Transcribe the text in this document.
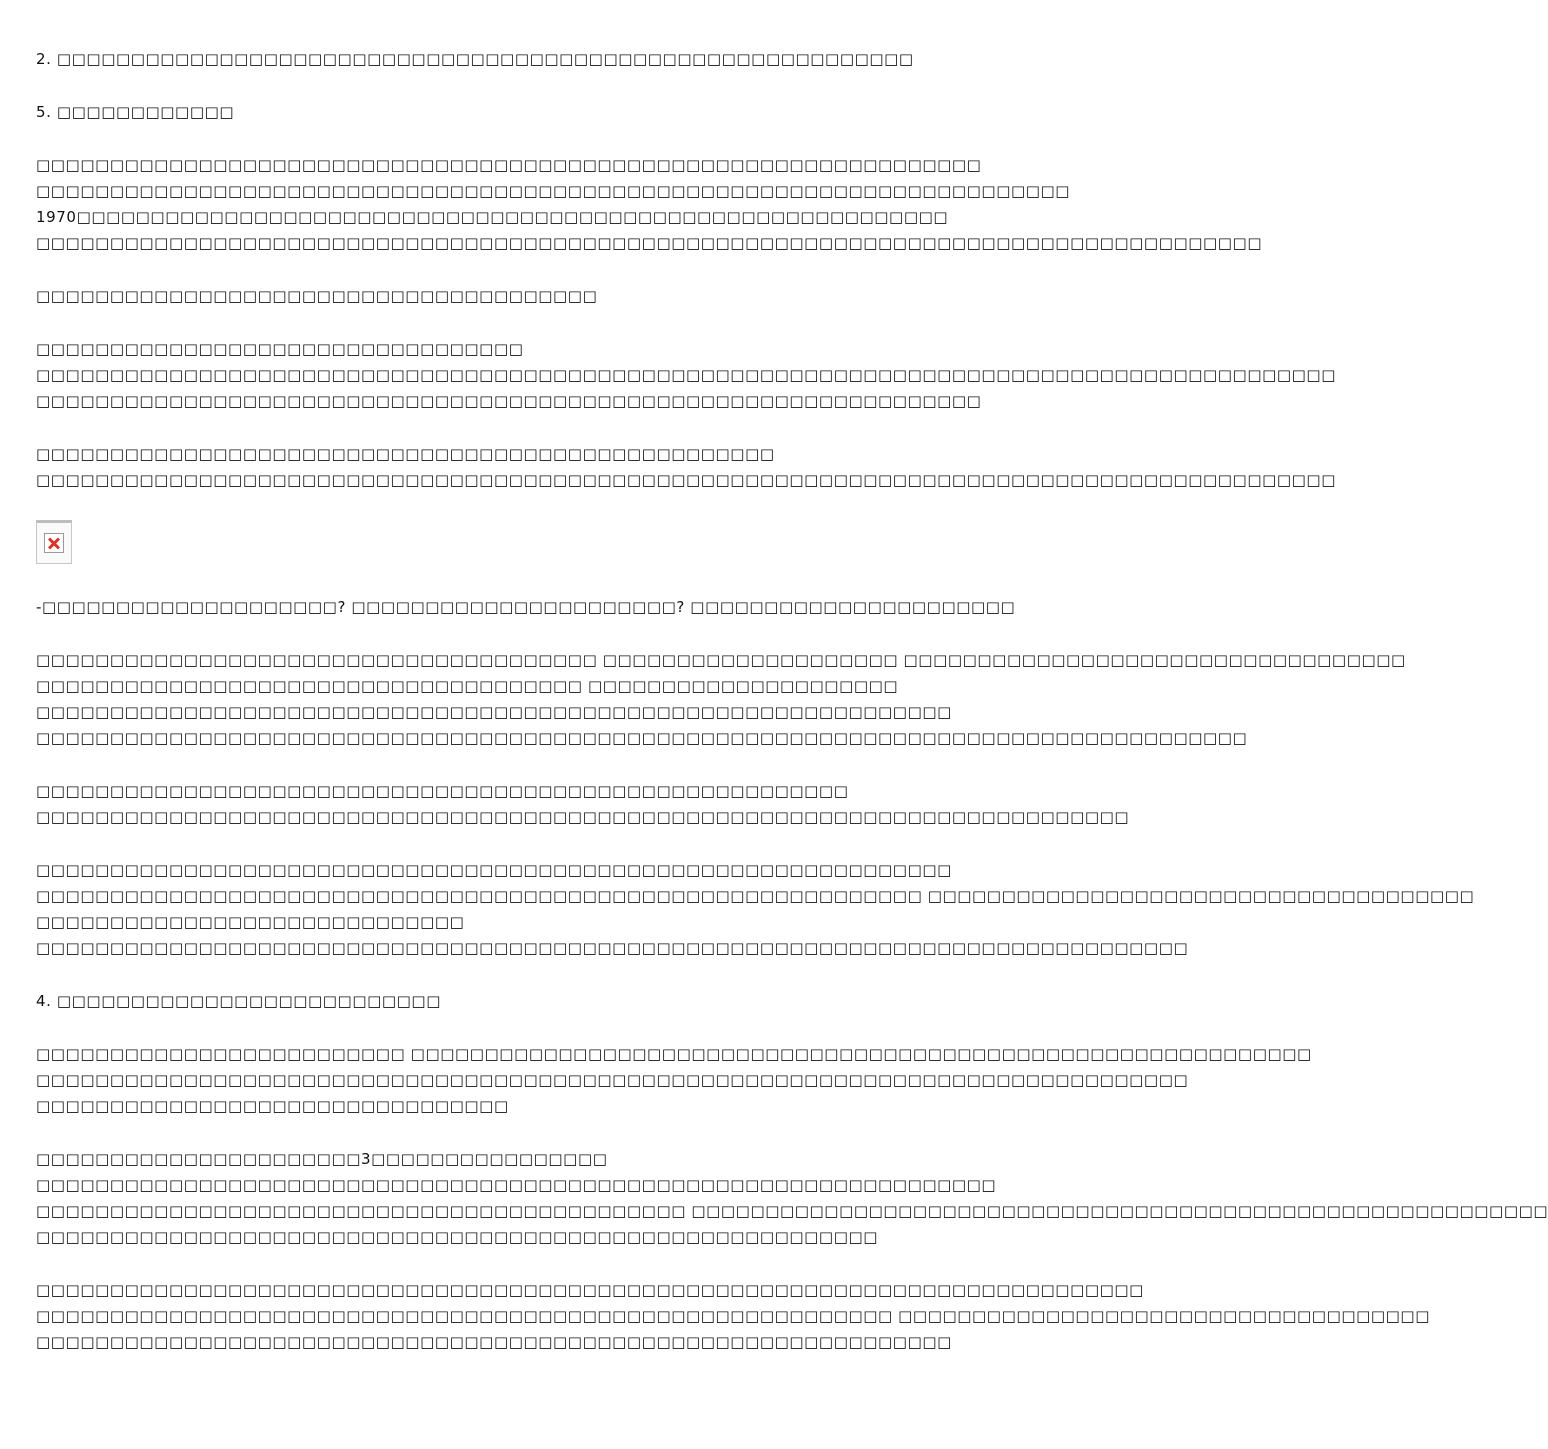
2. □□□□□□□□□□□□□□□□□□□□□□□□□□□□□□□□□□□□□□□□□□□□□□□□□□□□□□□□□□
5. □□□□□□□□□□□□
□□□□□□□□□□□□□□□□□□□□□□□□□□□□□□□□□□□□□□□□□□□□□□□□□□□□□□□□□□□□□□□□
□□□□□□□□□□□□□□□□□□□□□□□□□□□□□□□□□□□□□□□□□□□□□□□□□□□□□□□□□□□□□□□□□□□□□□
1970□□□□□□□□□□□□□□□□□□□□□□□□□□□□□□□□□□□□□□□□□□□□□□□□□□□□□□□□□□□
□□□□□□□□□□□□□□□□□□□□□□□□□□□□□□□□□□□□□□□□□□□□□□□□□□□□□□□□□□□□□□□□□□□□□□□□□□□□□□□□□□□
□□□□□□□□□□□□□□□□□□□□□□□□□□□□□□□□□□□□□□
□□□□□□□□□□□□□□□□□□□□□□□□□□□□□□□□□
□□□□□□□□□□□□□□□□□□□□□□□□□□□□□□□□□□□□□□□□□□□□□□□□□□□□□□□□□□□□□□□□□□□□□□□□□□□□□□□□□□□□□□□□
□□□□□□□□□□□□□□□□□□□□□□□□□□□□□□□□□□□□□□□□□□□□□□□□□□□□□□□□□□□□□□□□
□□□□□□□□□□□□□□□□□□□□□□□□□□□□□□□□□□□□□□□□□□□□□□□□□□
□□□□□□□□□□□□□□□□□□□□□□□□□□□□□□□□□□□□□□□□□□□□□□□□□□□□□□□□□□□□□□□□□□□□□□□□□□□□□□□□□□□□□□□□
-□□□□□□□□□□□□□□□□□□□□? □□□□□□□□□□□□□□□□□□□□□□? □□□□□□□□□□□□□□□□□□□□□□
□□□□□□□□□□□□□□□□□□□□□□□□□□□□□□□□□□□□□□ □□□□□□□□□□□□□□□□□□□□ □□□□□□□□□□□□□□□□□□□□□□□□□□□□□□□□□□
□□□□□□□□□□□□□□□□□□□□□□□□□□□□□□□□□□□□□ □□□□□□□□□□□□□□□□□□□□□
□□□□□□□□□□□□□□□□□□□□□□□□□□□□□□□□□□□□□□□□□□□□□□□□□□□□□□□□□□□□□□
□□□□□□□□□□□□□□□□□□□□□□□□□□□□□□□□□□□□□□□□□□□□□□□□□□□□□□□□□□□□□□□□□□□□□□□□□□□□□□□□□□
□□□□□□□□□□□□□□□□□□□□□□□□□□□□□□□□□□□□□□□□□□□□□□□□□□□□□□□
□□□□□□□□□□□□□□□□□□□□□□□□□□□□□□□□□□□□□□□□□□□□□□□□□□□□□□□□□□□□□□□□□□□□□□□□□□
□□□□□□□□□□□□□□□□□□□□□□□□□□□□□□□□□□□□□□□□□□□□□□□□□□□□□□□□□□□□□□
□□□□□□□□□□□□□□□□□□□□□□□□□□□□□□□□□□□□□□□□□□□□□□□□□□□□□□□□□□□□ □□□□□□□□□□□□□□□□□□□□□□□□□□□□□□□□□□□□□
□□□□□□□□□□□□□□□□□□□□□□□□□□□□□
□□□□□□□□□□□□□□□□□□□□□□□□□□□□□□□□□□□□□□□□□□□□□□□□□□□□□□□□□□□□□□□□□□□□□□□□□□□□□□
4. □□□□□□□□□□□□□□□□□□□□□□□□□□
□□□□□□□□□□□□□□□□□□□□□□□□□ □□□□□□□□□□□□□□□□□□□□□□□□□□□□□□□□□□□□□□□□□□□□□□□□□□□□□□□□□□□□□
□□□□□□□□□□□□□□□□□□□□□□□□□□□□□□□□□□□□□□□□□□□□□□□□□□□□□□□□□□□□□□□□□□□□□□□□□□□□□□
□□□□□□□□□□□□□□□□□□□□□□□□□□□□□□□□
□□□□□□□□□□□□□□□□□□□□□□3□□□□□□□□□□□□□□□□
□□□□□□□□□□□□□□□□□□□□□□□□□□□□□□□□□□□□□□□□□□□□□□□□□□□□□□□□□□□□□□□□□
□□□□□□□□□□□□□□□□□□□□□□□□□□□□□□□□□□□□□□□□□□□□ □□□□□□□□□□□□□□□□□□□□□□□□□□□□□□□□□□□□□□□□□□□□□□□□□□□□□□□□□□
□□□□□□□□□□□□□□□□□□□□□□□□□□□□□□□□□□□□□□□□□□□□□□□□□□□□□□□□□
□□□□□□□□□□□□□□□□□□□□□□□□□□□□□□□□□□□□□□□□□□□□□□□□□□□□□□□□□□□□□□□□□□□□□□□□□□□
□□□□□□□□□□□□□□□□□□□□□□□□□□□□□□□□□□□□□□□□□□□□□□□□□□□□□□□□□□ □□□□□□□□□□□□□□□□□□□□□□□□□□□□□□□□□□□□
□□□□□□□□□□□□□□□□□□□□□□□□□□□□□□□□□□□□□□□□□□□□□□□□□□□□□□□□□□□□□□
